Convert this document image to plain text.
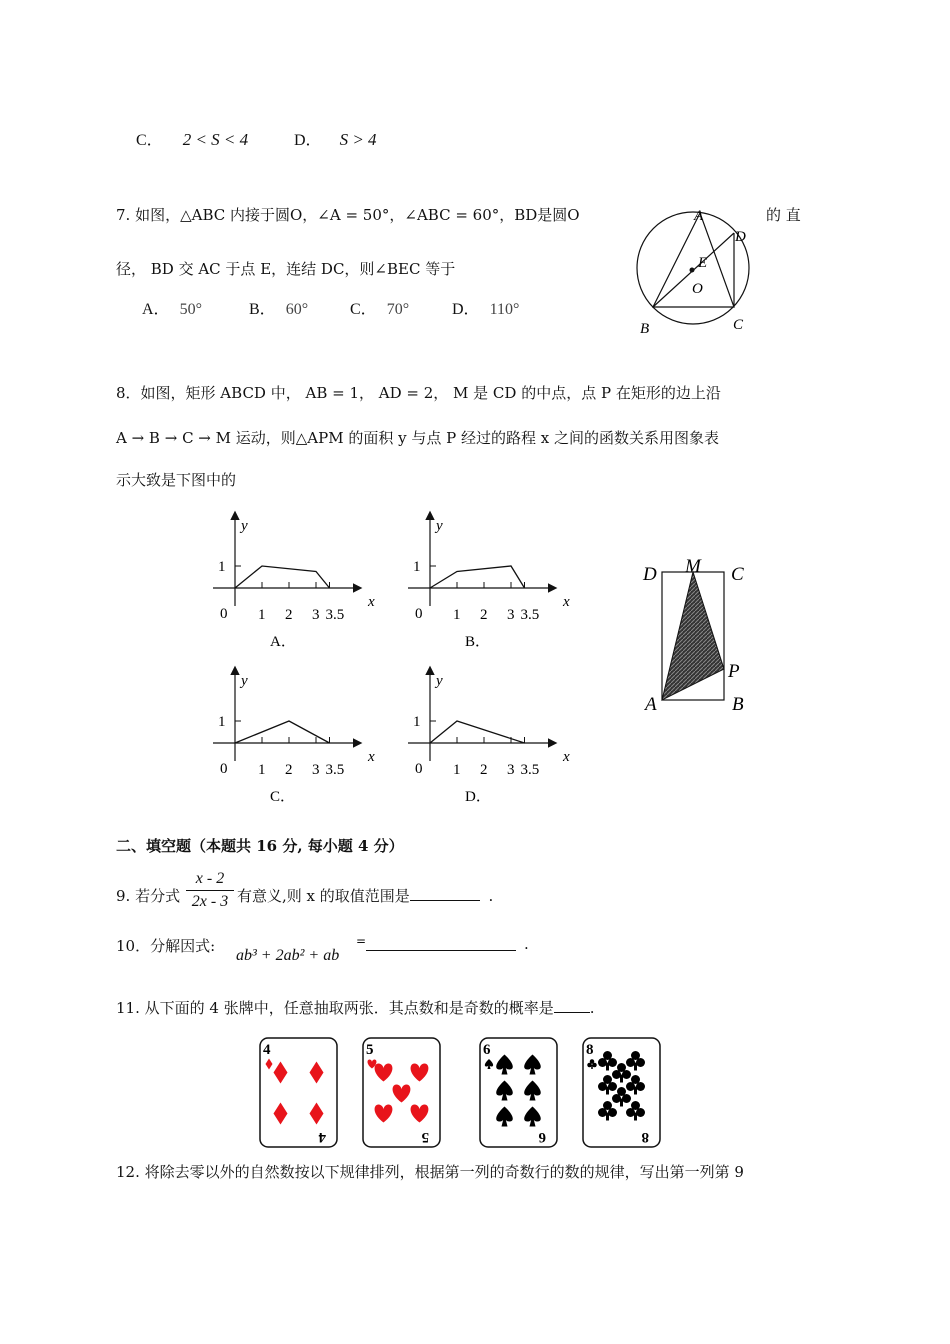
C． 2 < S < 4	D． S > 4
7. 如图，△ABC 内接于圆O，∠A = 50°，∠ABC = 60°，BD是圆O	的 直
径， BD 交 AC 于点 E，连结 DC，则∠BEC 等于
A． 50°	B． 60°	C． 70°	D． 110°
A
D
E
O
B	C
8．如图，矩形 ABCD 中， AB = 1， AD = 2， M 是 CD 的中点，点 P 在矩形的边上沿
A → B → C → M 运动，则△APM 的面积 y 与点 P 经过的路程 x 之间的函数关系用图象表
示大致是下图中的
1 2 3 3.5
1
0
x
y
A．
1 2 3 3.5
1
0
x
y
B．
1 2 3 3.5
1
0
x
y
C．
1 2 3 3.5
1
0
x
y
D．
D M C
P
A	B
二、填空题（本题共 16 分, 每小题 4 分）
9. 若分式 $\frac{x - 2}{2x - 3}$ 有意义,则 x 的取值范围是	.
10．分解因式:
ab³ + 2ab² + ab
=	.
11. 从下面的 4 张牌中，任意抽取两张．其点数和是奇数的概率是 .
4
4
5
5
6
6
8
8
12. 将除去零以外的自然数按以下规律排列，根据第一列的奇数行的数的规律，写出第一列第 9
